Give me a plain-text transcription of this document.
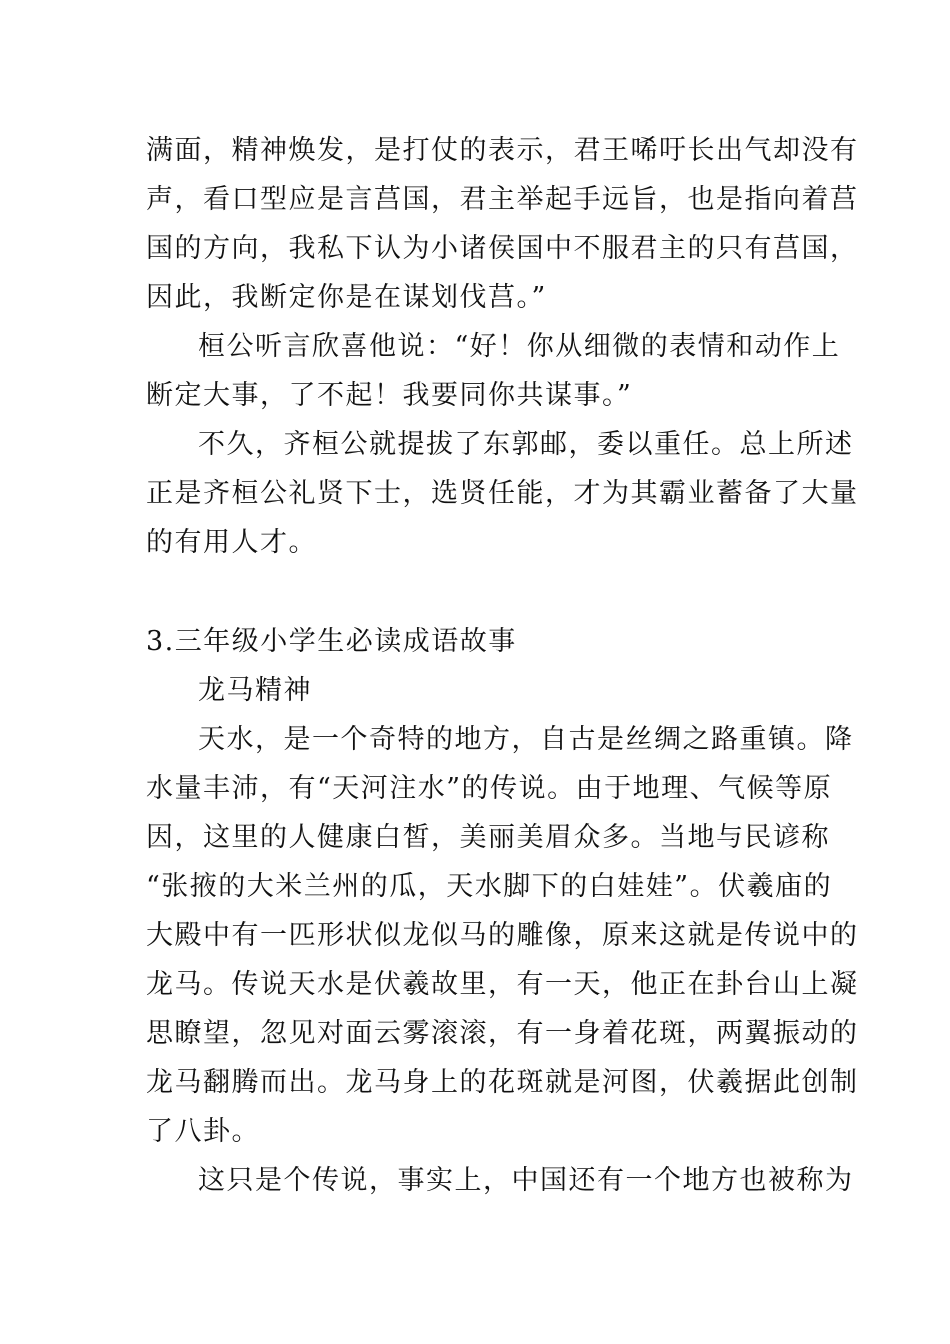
满面，精神焕发，是打仗的表示，君王唏吁长出气却没有
声，看口型应是言莒国，君主举起手远旨，也是指向着莒
国的方向，我私下认为小诸侯国中不服君主的只有莒国，
因此，我断定你是在谋划伐莒。”
桓公听言欣喜他说：“好！你从细微的表情和动作上
断定大事，了不起！我要同你共谋事。”
不久，齐桓公就提拔了东郭邮，委以重任。总上所述
正是齐桓公礼贤下士，选贤任能，才为其霸业蓄备了大量
的有用人才。
3.三年级小学生必读成语故事
龙马精神
天水，是一个奇特的地方，自古是丝绸之路重镇。降
水量丰沛，有“天河注水”的传说。由于地理、气候等原
因，这里的人健康白皙，美丽美眉众多。当地与民谚称
“张掖的大米兰州的瓜，天水脚下的白娃娃”。伏羲庙的
大殿中有一匹形状似龙似马的雕像，原来这就是传说中的
龙马。传说天水是伏羲故里，有一天，他正在卦台山上凝
思瞭望，忽见对面云雾滚滚，有一身着花斑，两翼振动的
龙马翻腾而出。龙马身上的花斑就是河图，伏羲据此创制
了八卦。
这只是个传说，事实上，中国还有一个地方也被称为
